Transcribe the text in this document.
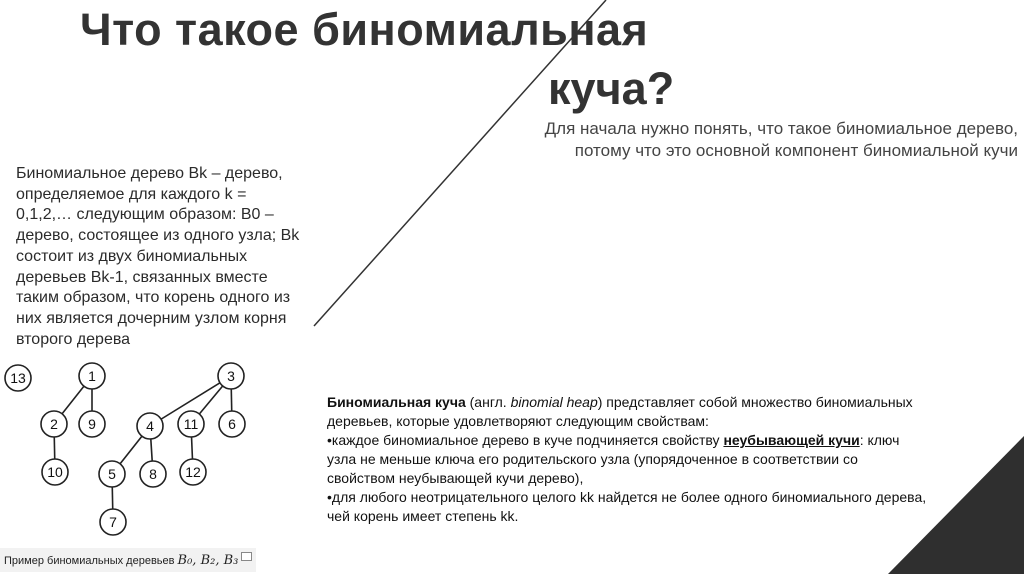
Что такое биномиальная
куча?
Для начала нужно понять, что такое биномиальное дерево, потому что это основной компонент биномиальной кучи
Биномиальное дерево Bk – дерево, определяемое для каждого k = 0,1,2,… следующим образом: B0 – дерево, состоящее из одного узла; Bk состоит из двух биномиальных деревьев Bk-1, связанных вместе таким образом, что корень одного из них является дочерним узлом корня второго дерева
13	1
2 9
10
3
4 11 6
5 8 12
7

Биномиальная куча (англ. binomial heap) представляет собой множество биномиальных деревьев, которые удовлетворяют следующим свойствам:

•каждое биномиальное дерево в куче подчиняется свойству неубывающей кучи: ключ узла не меньше ключа его родительского узла (упорядоченное в соответствии со свойством неубывающей кучи дерево),

•для любого неотрицательного целого kk найдется не более одного биномиального дерева, чей корень имеет степень kk.

Пример биномиальных деревьев B₀, B₂, B₃
